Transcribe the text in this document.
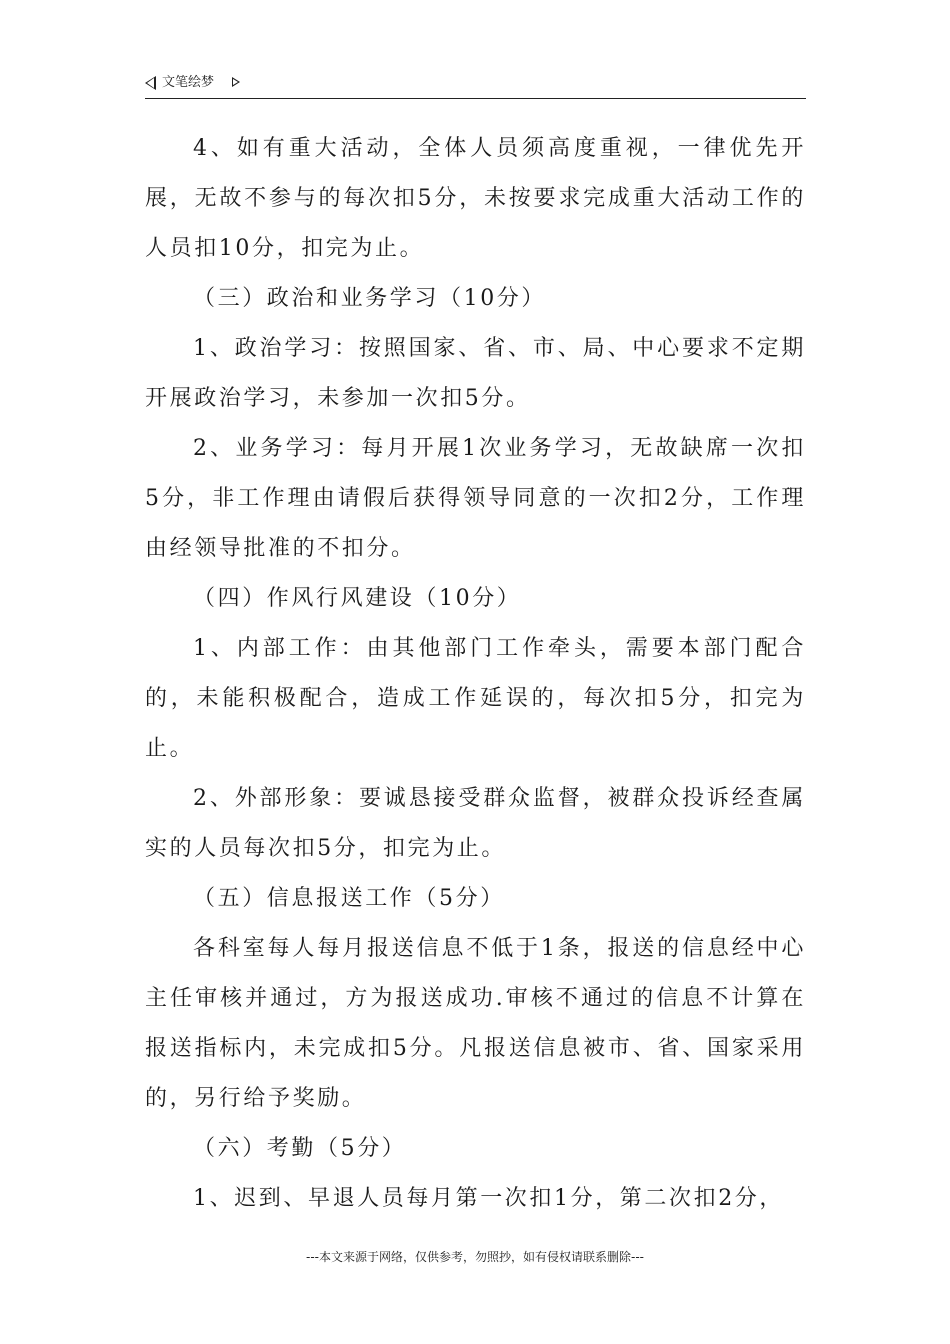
文笔绘梦

4、如有重大活动，全体人员须高度重视，一律优先开展，无故不参与的每次扣5分，未按要求完成重大活动工作的人员扣10分，扣完为止。

（三）政治和业务学习（10分）

1、政治学习：按照国家、省、市、局、中心要求不定期开展政治学习，未参加一次扣5分。

2、业务学习：每月开展1次业务学习，无故缺席一次扣5分，非工作理由请假后获得领导同意的一次扣2分，工作理由经领导批准的不扣分。

（四）作风行风建设（10分）

1、内部工作：由其他部门工作牵头，需要本部门配合的，未能积极配合，造成工作延误的，每次扣5分，扣完为止。

2、外部形象：要诚恳接受群众监督，被群众投诉经查属实的人员每次扣5分，扣完为止。

（五）信息报送工作（5分）

各科室每人每月报送信息不低于1条，报送的信息经中心主任审核并通过，方为报送成功.审核不通过的信息不计算在报送指标内，未完成扣5分。凡报送信息被市、省、国家采用的，另行给予奖励。

（六）考勤（5分）

1、迟到、早退人员每月第一次扣1分，第二次扣2分，

---本文来源于网络，仅供参考，勿照抄，如有侵权请联系删除---
